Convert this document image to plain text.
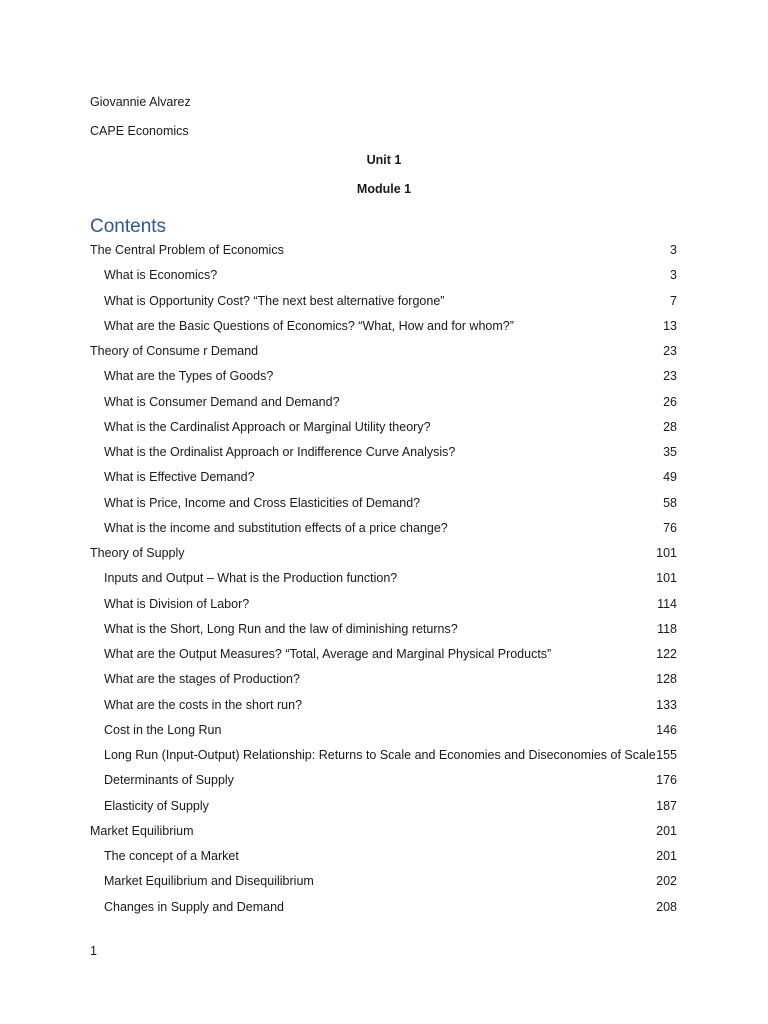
Giovannie Alvarez
CAPE Economics
Unit 1
Module 1
Contents
The Central Problem of Economics	3
What is Economics?	3
What is Opportunity Cost? “The next best alternative forgone”	7
What are the Basic Questions of Economics? “What, How and for whom?”	13
Theory of Consume r Demand	23
What are the Types of Goods?	23
What is Consumer Demand and Demand?	26
What is the Cardinalist Approach or Marginal Utility theory?	28
What is the Ordinalist Approach or Indifference Curve Analysis?	35
What is Effective Demand?	49
What is Price, Income and Cross Elasticities of Demand?	58
What is the income and substitution effects of a price change?	76
Theory of Supply	101
Inputs and Output – What is the Production function?	101
What is Division of Labor?	114
What is the Short, Long Run and the law of diminishing returns?	118
What are the Output Measures? “Total, Average and Marginal Physical Products”	122
What are the stages of Production?	128
What are the costs in the short run?	133
Cost in the Long Run	146
Long Run (Input-Output) Relationship: Returns to Scale and Economies and Diseconomies of Scale 155
Determinants of Supply	176
Elasticity of Supply	187
Market Equilibrium	201
The concept of a Market	201
Market Equilibrium and Disequilibrium	202
Changes in Supply and Demand	208
1
